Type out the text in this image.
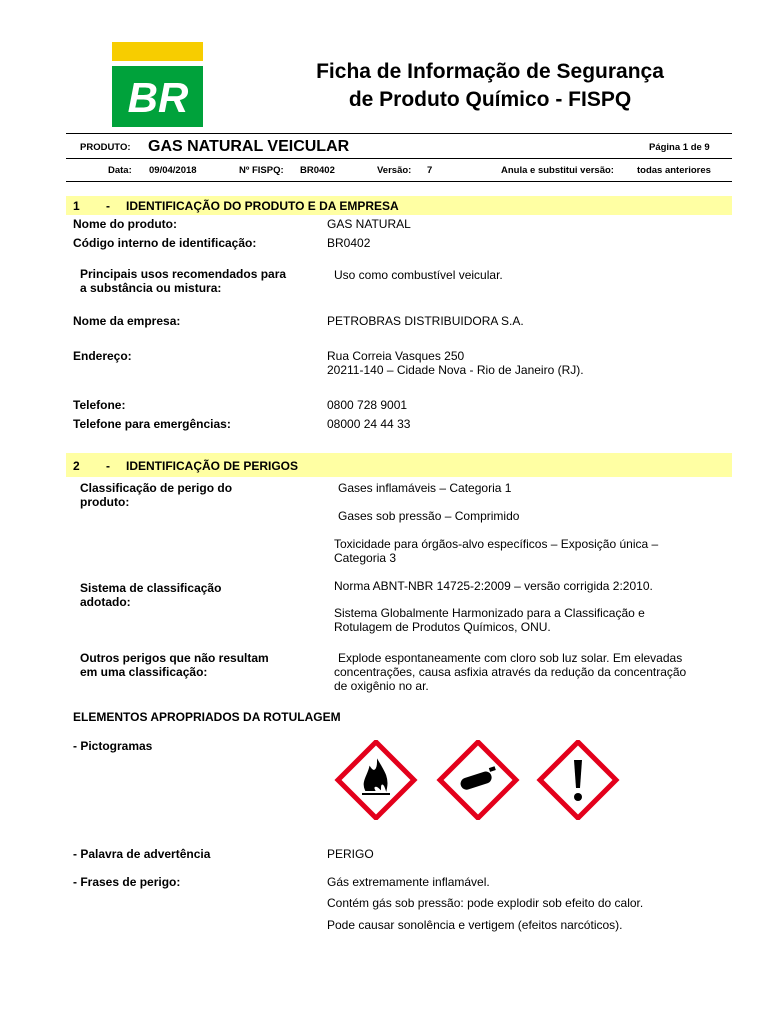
BR
Ficha de Informação de Segurança
de Produto Químico - FISPQ
PRODUTO: GAS NATURAL VEICULAR	Página 1 de 9
Data: 09/04/2018	Nº FISPQ: BR0402	Versão: 7	Anula e substitui versão: todas anteriores
1 - IDENTIFICAÇÃO DO PRODUTO E DA EMPRESA
Nome do produto:	GAS NATURAL
Código interno de identificação:	BR0402
Principais usos recomendados para
a substância ou mistura:
Uso como combustível veicular.
Nome da empresa:	PETROBRAS DISTRIBUIDORA S.A.
Endereço:	Rua Correia Vasques 250
20211-140 – Cidade Nova - Rio de Janeiro (RJ).
Telefone:	0800 728 9001
Telefone para emergências:	08000 24 44 33
2 - IDENTIFICAÇÃO DE PERIGOS
Classificação de perigo do
produto:
Gases inflamáveis – Categoria 1
Gases sob pressão – Comprimido
Toxicidade para órgãos-alvo específicos – Exposição única –
Categoria 3
Sistema de classificação
adotado:
Norma ABNT-NBR 14725-2:2009 – versão corrigida 2:2010.
Sistema Globalmente Harmonizado para a Classificação e
Rotulagem de Produtos Químicos, ONU.
Outros perigos que não resultam
em uma classificação:
Explode espontaneamente com cloro sob luz solar. Em elevadas
concentrações, causa asfixia através da redução da concentração
de oxigênio no ar.
ELEMENTOS APROPRIADOS DA ROTULAGEM
- Pictogramas
- Palavra de advertência	PERIGO
- Frases de perigo:	Gás extremamente inflamável.
Contém gás sob pressão: pode explodir sob efeito do calor.
Pode causar sonolência e vertigem (efeitos narcóticos).
